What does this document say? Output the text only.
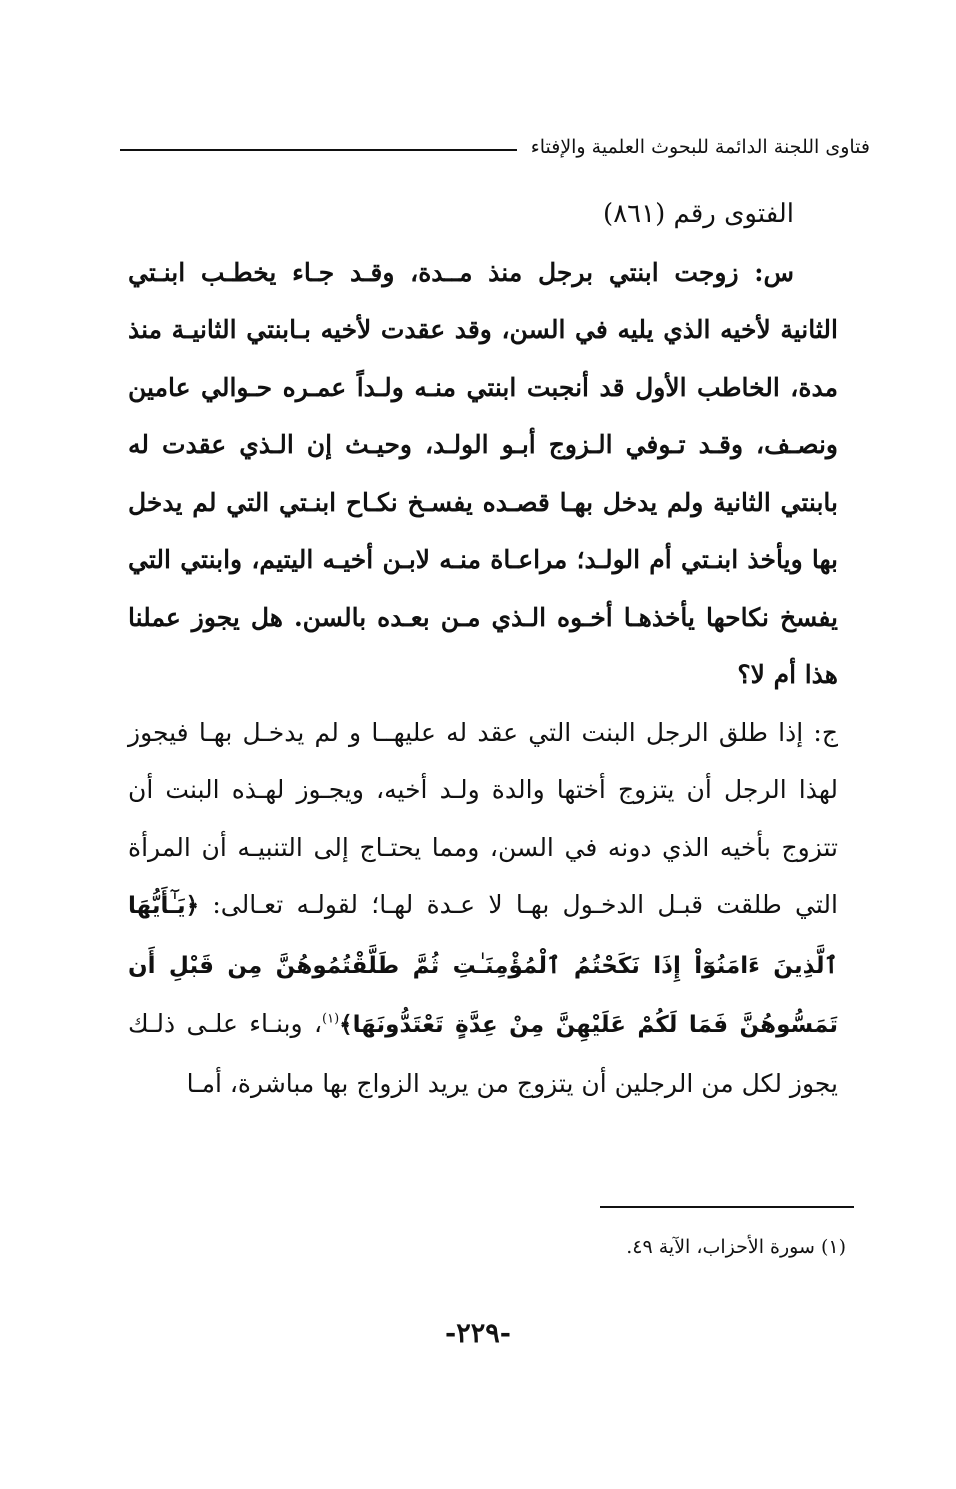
فتاوى اللجنة الدائمة للبحوث العلمية والإفتاء

الفتوى رقم (٨٦١)

س: زوجت ابنتي برجل منذ مــدة، وقـد جـاء يخطـب ابنـتي الثانية لأخيه الذي يليه في السن، وقد عقدت لأخيه بـابنتي الثانيـة منذ مدة، الخاطب الأول قد أنجبت ابنتي منـه ولـداً عمـره حـوالي عامين ونصـف، وقـد تـوفي الـزوج أبـو الولـد، وحيـث إن الـذي عقدت له بابنتي الثانية ولم يدخل بهـا قصـده يفسـخ نكـاح ابنـتي التي لم يدخل بها ويأخذ ابنـتي أم الولـد؛ مراعـاة منـه لابـن أخيـه اليتيم، وابنتي التي يفسخ نكاحها يأخذهـا أخـوه الـذي مـن بعـده بالسن. هل يجوز عملنا هذا أم لا؟

ج: إذا طلق الرجل البنت التي عقد له عليهــا و لم يدخـل بهـا فيجوز لهذا الرجل أن يتزوج أختها والدة ولـد أخيه، ويجـوز لهـذه البنت أن تتزوج بأخيه الذي دونه في السن، ومما يحتـاج إلى التنبيـه أن المرأة التي طلقت قبـل الدخـول بهـا لا عـدة لهـا؛ لقولـه تعـالى: ﴿يَـٰٓأَيُّهَا ٱلَّذِينَ ءَامَنُوٓاْ إِذَا نَكَحْتُمُ ٱلْمُؤْمِنَـٰتِ ثُمَّ طَلَّقْتُمُوهُنَّ مِن قَبْلِ أَن تَمَسُّوهُنَّ فَمَا لَكُمْ عَلَيْهِنَّ مِنْ عِدَّةٍ تَعْتَدُّونَهَا﴾$^{(١)}$، وبنـاء علـى ذلـك يجوز لكل من الرجلين أن يتزوج من يريد الزواج بها مباشرة، أمـا

(١) سورة الأحزاب، الآية ٤٩.
-٢٢٩-
